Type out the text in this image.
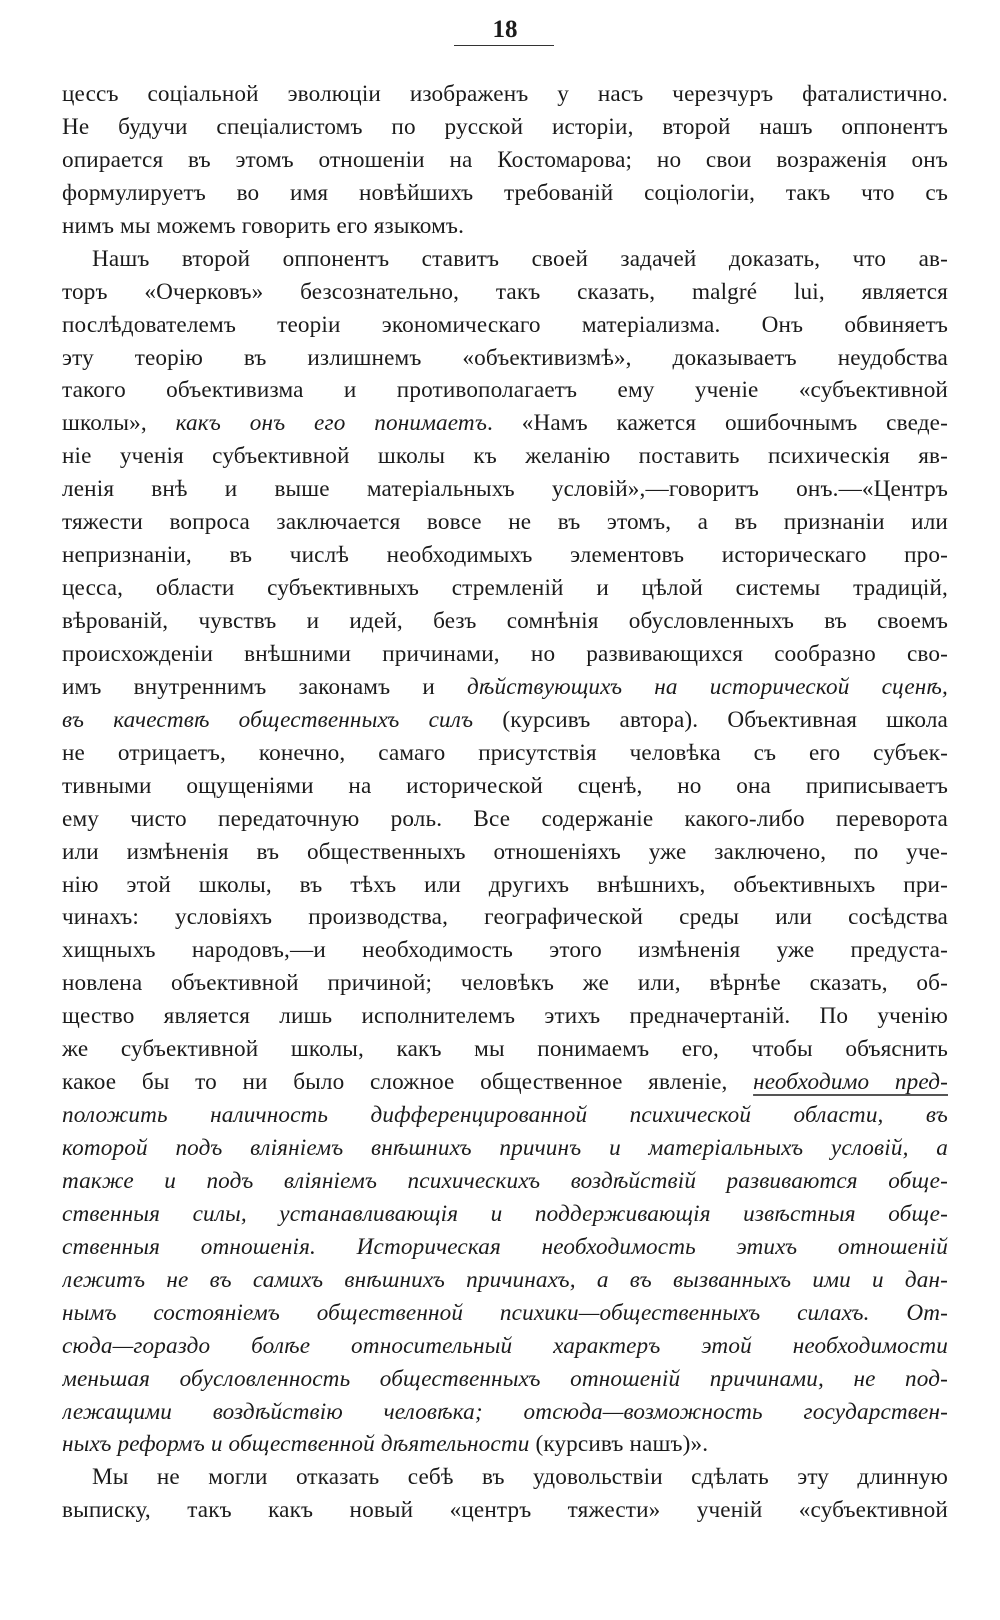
18
цессъ соціальной эволюціи изображенъ у насъ черезчуръ фаталистично.
Не будучи спеціалистомъ по русской исторіи, второй нашъ оппонентъ
опирается въ этомъ отношеніи на Костомарова; но свои возраженія онъ
формулируетъ во имя новѣйшихъ требованій соціологіи, такъ что съ
нимъ мы можемъ говорить его языкомъ.
Нашъ второй оппонентъ ставитъ своей задачей доказать, что ав-
торъ «Очерковъ» безсознательно, такъ сказать, malgré lui, является
послѣдователемъ теоріи экономическаго матеріализма. Онъ обвиняетъ
эту теорію въ излишнемъ «объективизмѣ», доказываетъ неудобства
такого объективизма и противополагаетъ ему ученіе «субъективной
школы», какъ онъ его понимаетъ. «Намъ кажется ошибочнымъ сведе-
ніе ученія субъективной школы къ желанію поставить психическія яв-
ленія внѣ и выше матеріальныхъ условій»,—говоритъ онъ.—«Центръ
тяжести вопроса заключается вовсе не въ этомъ, а въ признаніи или
непризнаніи, въ числѣ необходимыхъ элементовъ историческаго про-
цесса, области субъективныхъ стремленій и цѣлой системы традицій,
вѣрованій, чувствъ и идей, безъ сомнѣнія обусловленныхъ въ своемъ
происхожденіи внѣшними причинами, но развивающихся сообразно сво-
имъ внутреннимъ законамъ и дѣйствующихъ на исторической сценѣ,
въ качествѣ общественныхъ силъ (курсивъ автора). Объективная школа
не отрицаетъ, конечно, самаго присутствія человѣка съ его субъек-
тивными ощущеніями на исторической сценѣ, но она приписываетъ
ему чисто передаточную роль. Все содержаніе какого-либо переворота
или измѣненія въ общественныхъ отношеніяхъ уже заключено, по уче-
нію этой школы, въ тѣхъ или другихъ внѣшнихъ, объективныхъ при-
чинахъ: условіяхъ производства, географической среды или сосѣдства
хищныхъ народовъ,—и необходимость этого измѣненія уже предуста-
новлена объективной причиной; человѣкъ же или, вѣрнѣе сказать, об-
щество является лишь исполнителемъ этихъ предначертаній. По ученію
же субъективной школы, какъ мы понимаемъ его, чтобы объяснить
какое бы то ни было сложное общественное явленіе, необходимо пред-
положить наличность дифференцированной психической области, въ
которой подъ вліяніемъ внѣшнихъ причинъ и матеріальныхъ условій, а
также и подъ вліяніемъ психическихъ воздѣйствій развиваются обще-
ственныя силы, устанавливающія и поддерживающія извѣстныя обще-
ственныя отношенія. Историческая необходимость этихъ отношеній
лежитъ не въ самихъ внѣшнихъ причинахъ, а въ вызванныхъ ими и дан-
нымъ состояніемъ общественной психики—общественныхъ силахъ. От-
сюда—гораздо болѣе относительный характеръ этой необходимости
меньшая обусловленность общественныхъ отношеній причинами, не под-
лежащими воздѣйствію человѣка; отсюда—возможность государствен-
ныхъ реформъ и общественной дѣятельности (курсивъ нашъ)».
Мы не могли отказать себѣ въ удовольствіи сдѣлать эту длинную
выписку, такъ какъ новый «центръ тяжести» ученій «субъективной
